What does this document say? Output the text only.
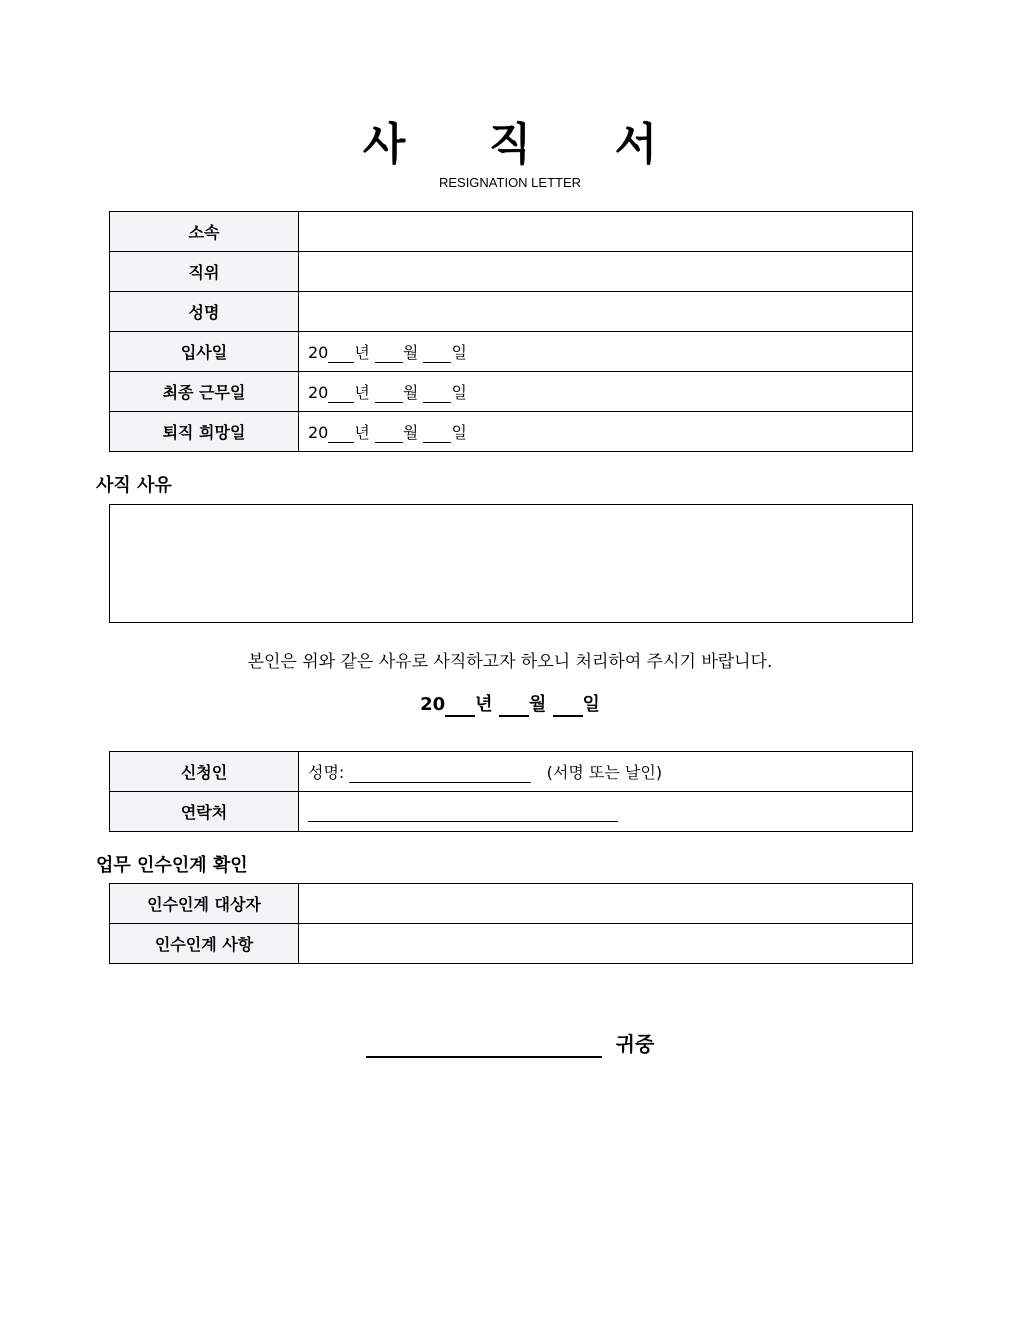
사 직 서
RESIGNATION LETTER
소속	
직위	
성명	
입사일	20 년 월 일
최종 근무일	20 년 월 일
퇴직 희망일	20 년 월 일
사직 사유
본인은 위와 같은 사유로 사직하고자 하오니 처리하여 주시기 바랍니다.
20 년 월 일
신청인	성명: (서명 또는 날인)
연락처	
업무 인수인계 확인
인수인계 대상자	
인수인계 사항	
귀중
